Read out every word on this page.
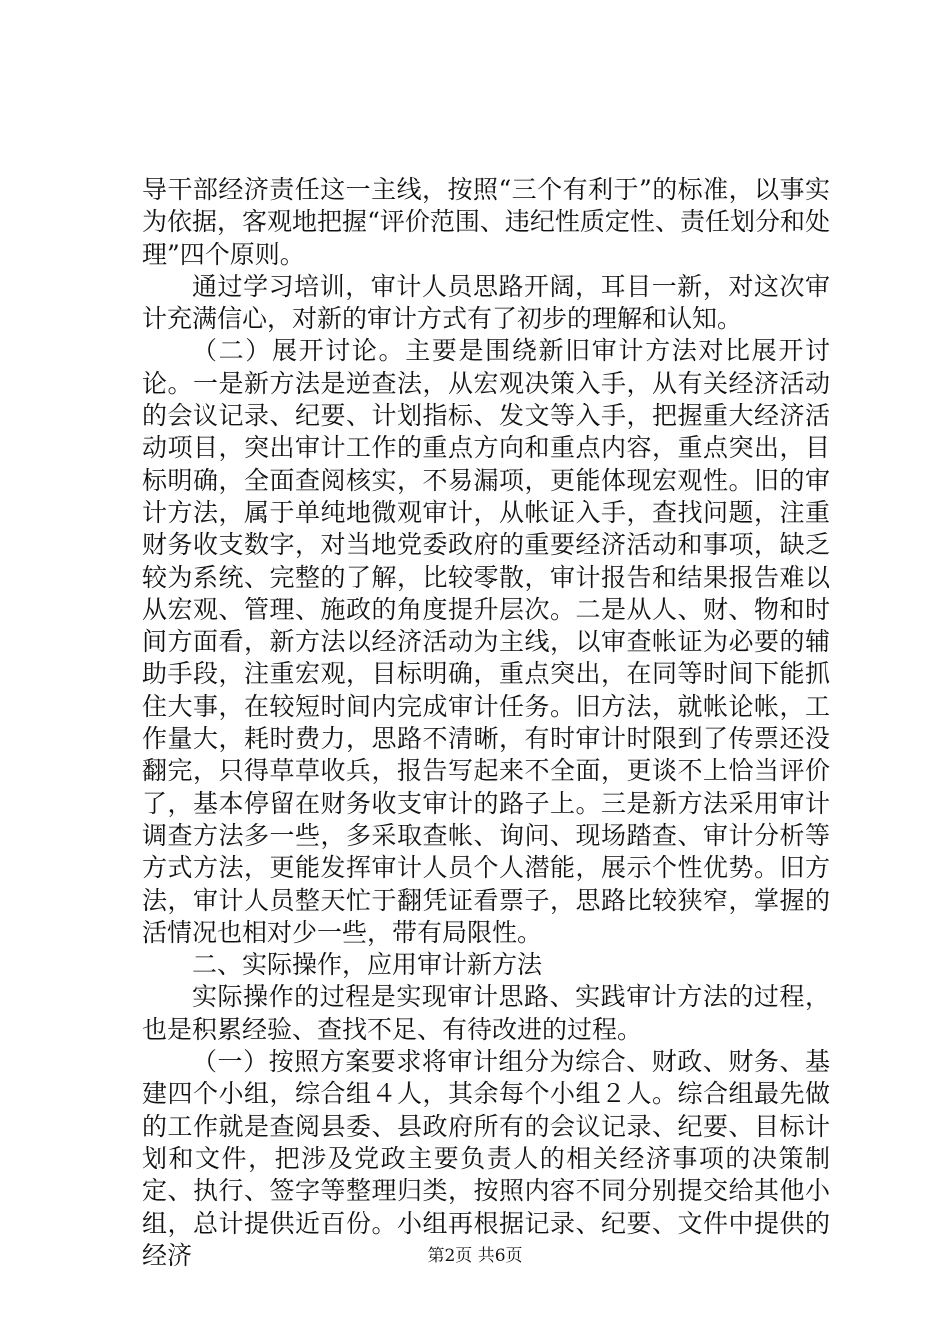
导干部经济责任这一主线，按照“三个有利于”的标准，以事实为依据，客观地把握“评价范围、违纪性质定性、责任划分和处理”四个原则。

通过学习培训，审计人员思路开阔，耳目一新，对这次审计充满信心，对新的审计方式有了初步的理解和认知。

（二）展开讨论。主要是围绕新旧审计方法对比展开讨论。一是新方法是逆查法，从宏观决策入手，从有关经济活动的会议记录、纪要、计划指标、发文等入手，把握重大经济活动项目，突出审计工作的重点方向和重点内容，重点突出，目标明确，全面查阅核实，不易漏项，更能体现宏观性。旧的审计方法，属于单纯地微观审计，从帐证入手，查找问题，注重财务收支数字，对当地党委政府的重要经济活动和事项，缺乏较为系统、完整的了解，比较零散，审计报告和结果报告难以从宏观、管理、施政的角度提升层次。二是从人、财、物和时间方面看，新方法以经济活动为主线，以审查帐证为必要的辅助手段，注重宏观，目标明确，重点突出，在同等时间下能抓住大事，在较短时间内完成审计任务。旧方法，就帐论帐，工作量大，耗时费力，思路不清晰，有时审计时限到了传票还没翻完，只得草草收兵，报告写起来不全面，更谈不上恰当评价了，基本停留在财务收支审计的路子上。三是新方法采用审计调查方法多一些，多采取查帐、询问、现场踏查、审计分析等方式方法，更能发挥审计人员个人潜能，展示个性优势。旧方法，审计人员整天忙于翻凭证看票子，思路比较狭窄，掌握的活情况也相对少一些，带有局限性。

二、实际操作，应用审计新方法

实际操作的过程是实现审计思路、实践审计方法的过程，也是积累经验、查找不足、有待改进的过程。

（一）按照方案要求将审计组分为综合、财政、财务、基建四个小组，综合组４人，其余每个小组２人。综合组最先做的工作就是查阅县委、县政府所有的会议记录、纪要、目标计划和文件，把涉及党政主要负责人的相关经济事项的决策制定、执行、签字等整理归类，按照内容不同分别提交给其他小组，总计提供近百份。小组再根据记录、纪要、文件中提供的经济	第2页 共6页
